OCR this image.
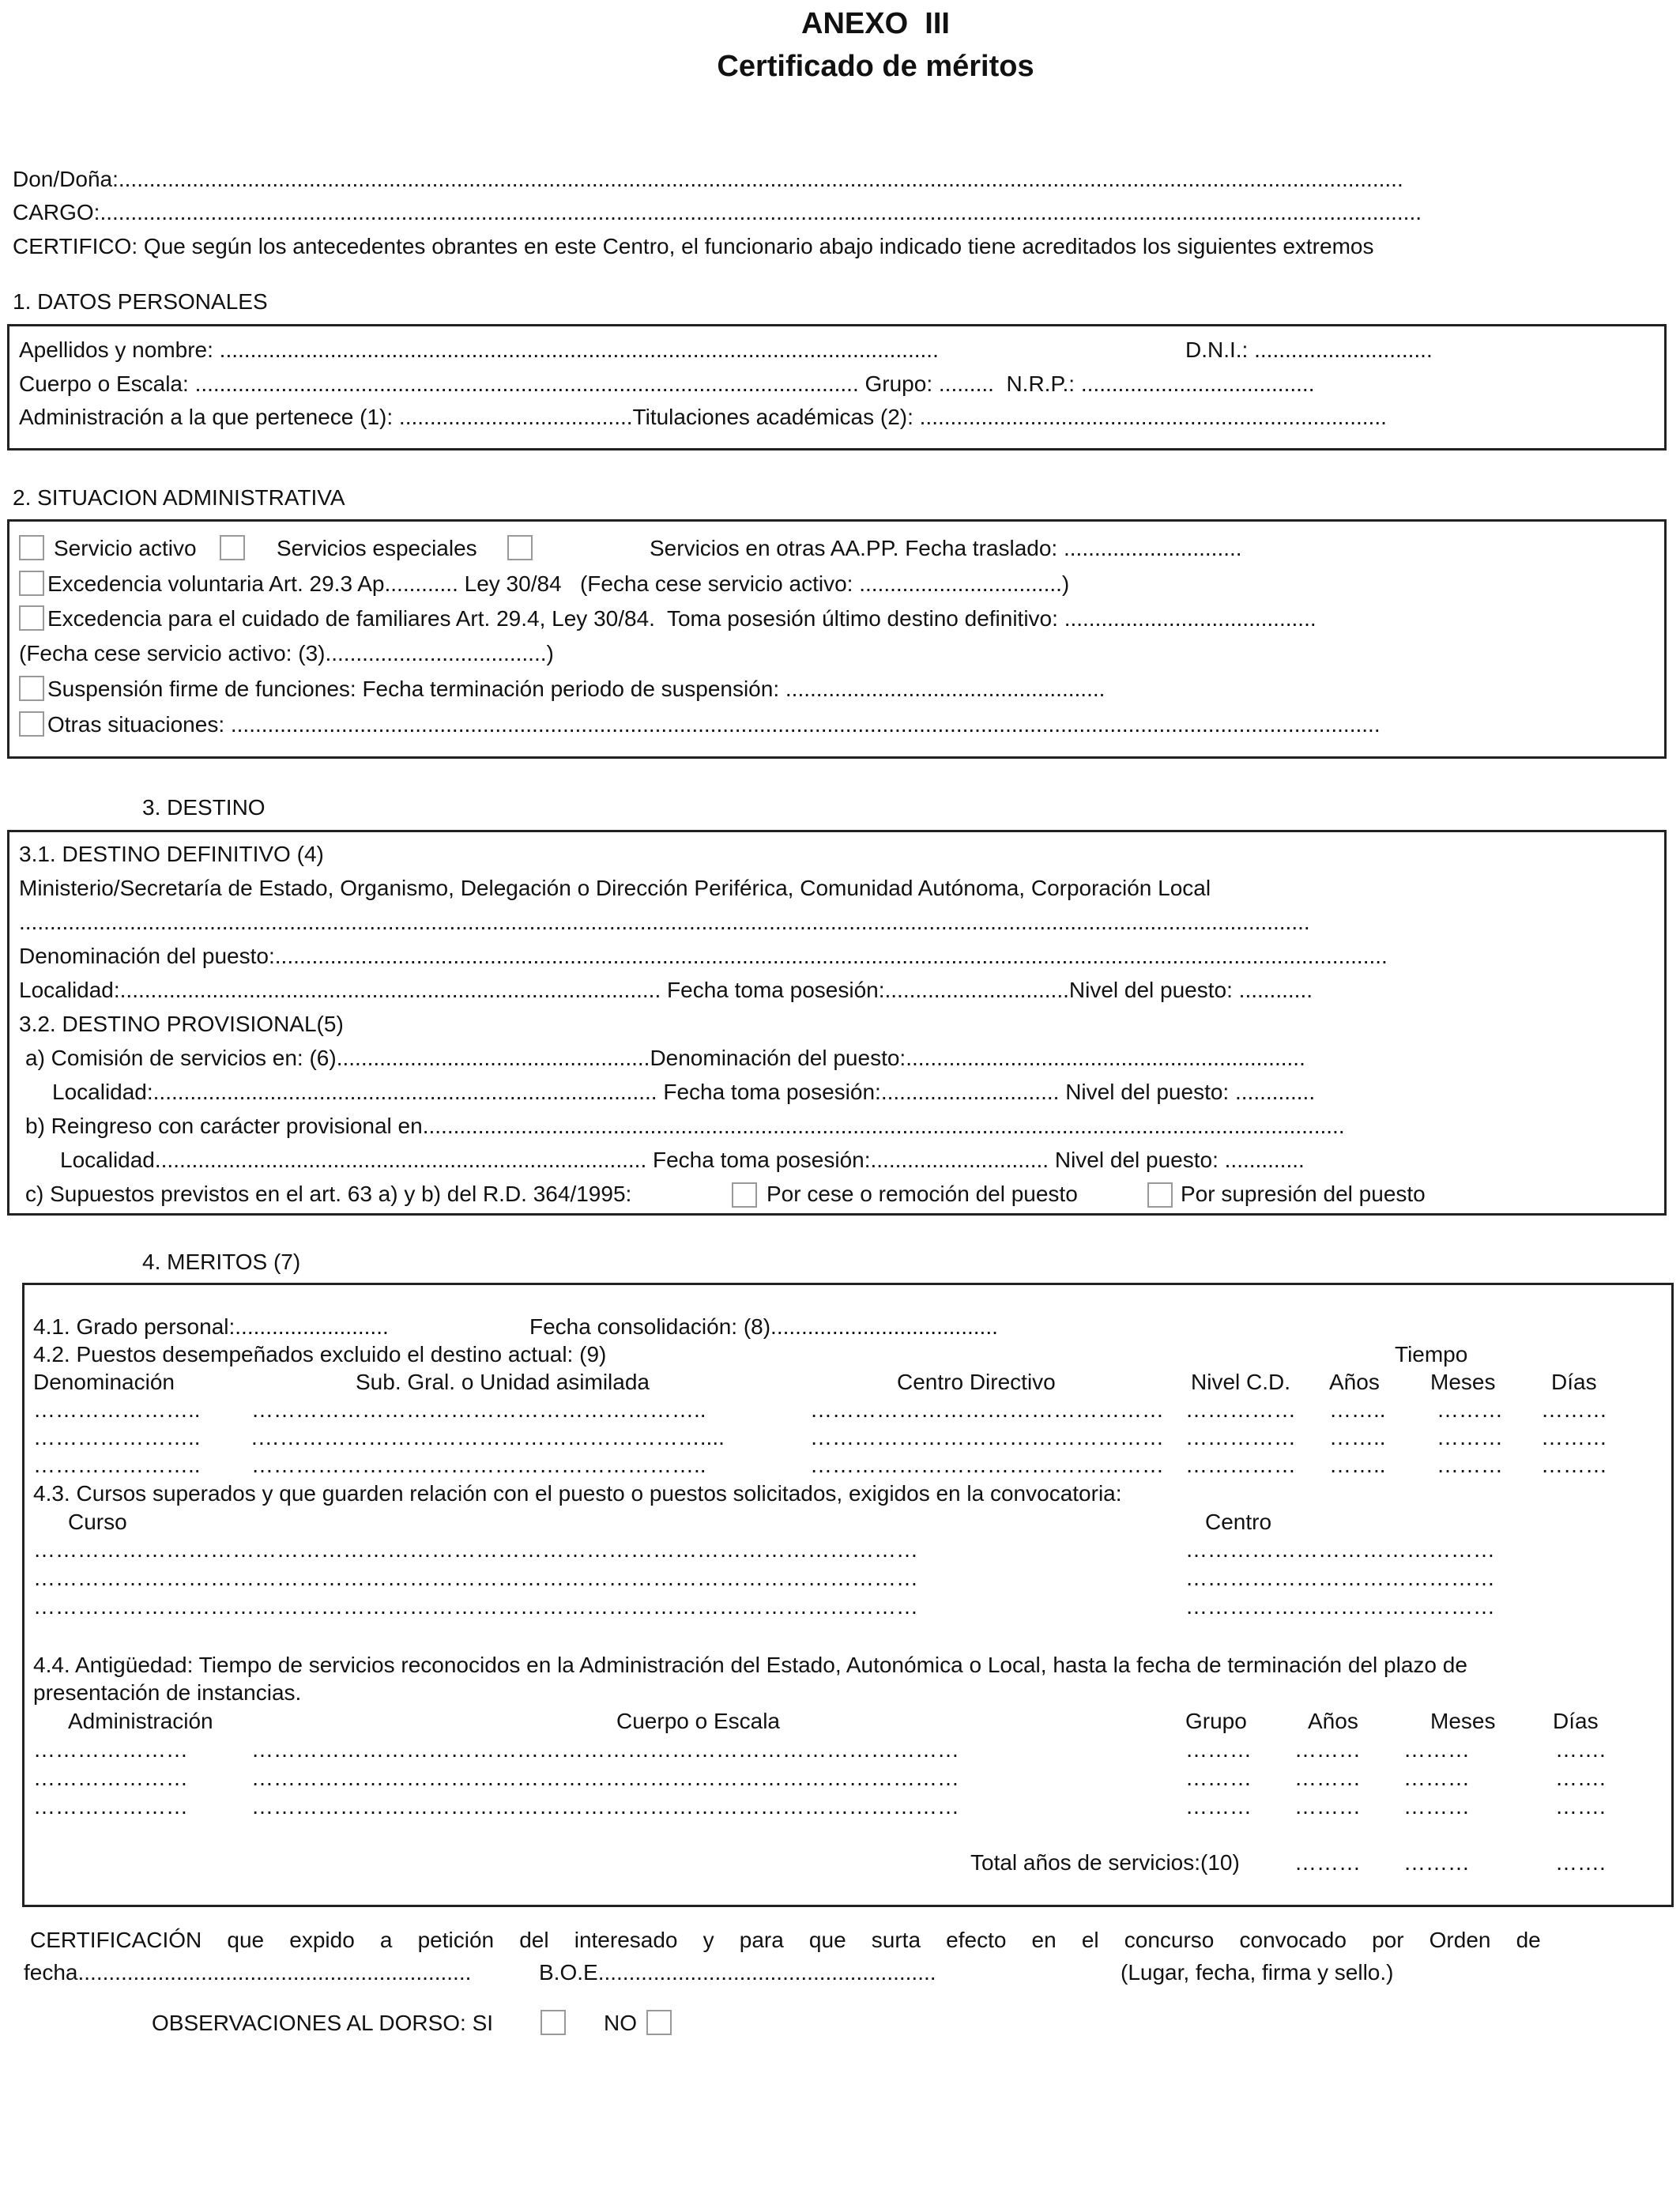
ANEXO  III
Certificado de méritos
Don/Doña:.................................................................................................................................................................................................................
CARGO:.......................................................................................................................................................................................................................
CERTIFICO: Que según los antecedentes obrantes en este Centro, el funcionario abajo indicado tiene acreditados los siguientes extremos
1. DATOS PERSONALES
Apellidos y nombre: .....................................................................................................................	D.N.I.: .............................
Cuerpo o Escala: ............................................................................................................ Grupo: .........  N.R.P.: ......................................
Administración a la que pertenece (1): ......................................Titulaciones académicas (2): ............................................................................
2. SITUACION ADMINISTRATIVA
Servicio activo	Servicios especiales	Servicios en otras AA.PP. Fecha traslado: .............................
Excedencia voluntaria Art. 29.3 Ap............ Ley 30/84   (Fecha cese servicio activo: .................................)
Excedencia para el cuidado de familiares Art. 29.4, Ley 30/84.  Toma posesión último destino definitivo: .........................................
(Fecha cese servicio activo: (3)....................................)
Suspensión firme de funciones: Fecha terminación periodo de suspensión: ....................................................
Otras situaciones: ...........................................................................................................................................................................................
3. DESTINO
3.1. DESTINO DEFINITIVO (4)
Ministerio/Secretaría de Estado, Organismo, Delegación o Dirección Periférica, Comunidad Autónoma, Corporación Local
..................................................................................................................................................................................................................
Denominación del puesto:.....................................................................................................................................................................................
Localidad:........................................................................................ Fecha toma posesión:..............................Nivel del puesto: ............
3.2. DESTINO PROVISIONAL(5)
a) Comisión de servicios en: (6)...................................................Denominación del puesto:.................................................................
Localidad:.................................................................................. Fecha toma posesión:............................. Nivel del puesto: .............
b) Reingreso con carácter provisional en......................................................................................................................................................
Localidad................................................................................ Fecha toma posesión:............................. Nivel del puesto: .............
c) Supuestos previstos en el art. 63 a) y b) del R.D. 364/1995:	Por cese o remoción del puesto	Por supresión del puesto
4. MERITOS (7)
4.1. Grado personal:.........................	Fecha consolidación: (8).....................................
4.2. Puestos desempeñados excluido el destino actual: (9)	Tiempo
Denominación	Sub. Gral. o Unidad asimilada	Centro Directivo	Nivel C.D. Años Meses	Días
………………….. ……………………………………………………..	………………………………………… …………… …….. ……… ………
………………….. .……………………………………………………....	………………………………………… …………… …….. ……… ………
………………….. ……………………………………………………..	………………………………………… …………… …….. ……… ………
4.3. Cursos superados y que guarden relación con el puesto o puestos solicitados, exigidos en la convocatoria:
Curso	Centro
…………………………………………………………………………………………………………	……………………………………
…………………………………………………………………………………………………………	……………………………………
…………………………………………………………………………………………………………	……………………………………
4.4. Antigüedad: Tiempo de servicios reconocidos en la Administración del Estado, Autonómica o Local, hasta la fecha de terminación del plazo de
presentación de instancias.
Administración	Cuerpo o Escala	Grupo	Años	Meses	Días
…………………	……………………………………………………………………………………	……… ……… ………	…….
…………………	……………………………………………………………………………………	……… ……… ………	…….
…………………	……………………………………………………………………………………	……… ……… ………	…….
Total años de servicios:(10) ……… ………	…….
CERTIFICACIÓN que expido a petición del interesado y para que surta efecto en el concurso convocado por Orden de
fecha................................................................	B.O.E.......................................................	(Lugar, fecha, firma y sello.)
OBSERVACIONES AL DORSO: SI	NO
